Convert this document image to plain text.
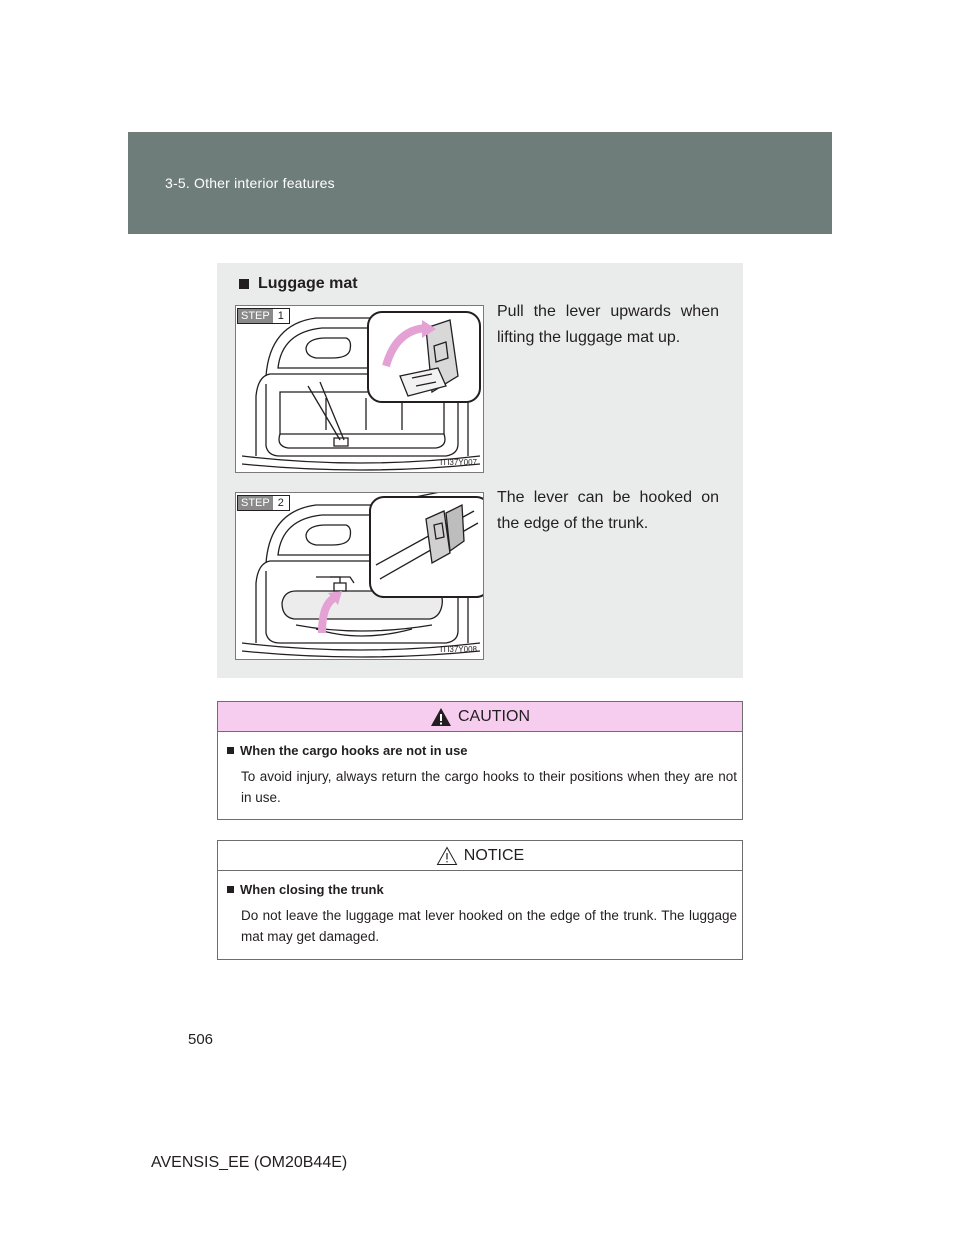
3-5. Other interior features
Luggage mat
STEP 1
ITI37Y007
Pull the lever upwards when lifting the luggage mat up.
STEP 2
ITI37Y008
The lever can be hooked on the edge of the trunk.
CAUTION
When the cargo hooks are not in use
To avoid injury, always return the cargo hooks to their positions when they are not in use.
NOTICE
When closing the trunk
Do not leave the luggage mat lever hooked on the edge of the trunk. The luggage mat may get damaged.
506
AVENSIS_EE (OM20B44E)
